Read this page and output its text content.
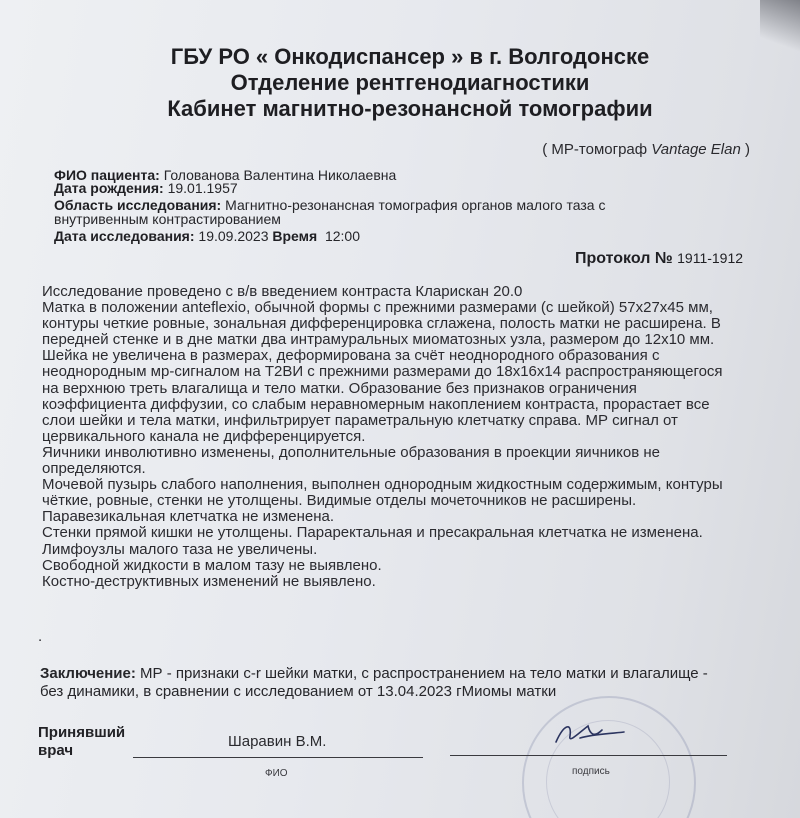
ГБУ РО « Онкодиспансер » в г. Волгодонске
Отделение рентгенодиагностики
Кабинет магнитно-резонансной томографии
( МР-томограф Vantage Elan )
ФИО пациента: Голованова Валентина Николаевна
Дата рождения: 19.01.1957
Область исследования: Магнитно-резонансная томография органов малого таза с
внутривенным контрастированием
Дата исследования: 19.09.2023 Время 12:00
Протокол № 1911-1912
Исследование проведено с в/в введением контраста Кларискан 20.0
Матка в положении anteflexio, обычной формы с прежними размерами (с шейкой) 57x27x45 мм,
контуры четкие ровные, зональная дифференцировка сглажена, полость матки не расширена. В
передней стенке и в дне матки два интрамуральных миоматозных узла, размером до 12x10 мм.
Шейка не увеличена в размерах, деформирована за счёт неоднородного образования с
неоднородным мр-сигналом на Т2ВИ с прежними размерами до 18x16x14 распространяющегося
на верхнюю треть влагалища и тело матки. Образование без признаков ограничения
коэффициента диффузии, со слабым неравномерным накоплением контраста, прорастает все
слои шейки и тела матки, инфильтрирует параметральную клетчатку справа. МР сигнал от
цервикального канала не дифференцируется.
Яичники инволютивно изменены, дополнительные образования в проекции яичников не
определяются.
Мочевой пузырь слабого наполнения, выполнен однородным жидкостным содержимым, контуры
чёткие, ровные, стенки не утолщены. Видимые отделы мочеточников не расширены.
Паравезикальная клетчатка не изменена.
Стенки прямой кишки не утолщены. Параректальная и пресакральная клетчатка не изменена.
Лимфоузлы малого таза не увеличены.
Свободной жидкости в малом тазу не выявлено.
Костно-деструктивных изменений не выявлено.
.
Заключение: МР - признаки c-r шейки матки, с распространением на тело матки и влагалище -
без динамики, в сравнении с исследованием от 13.04.2023 гМиомы матки
Принявший
врач
Шаравин В.М.
ФИО	подпись
